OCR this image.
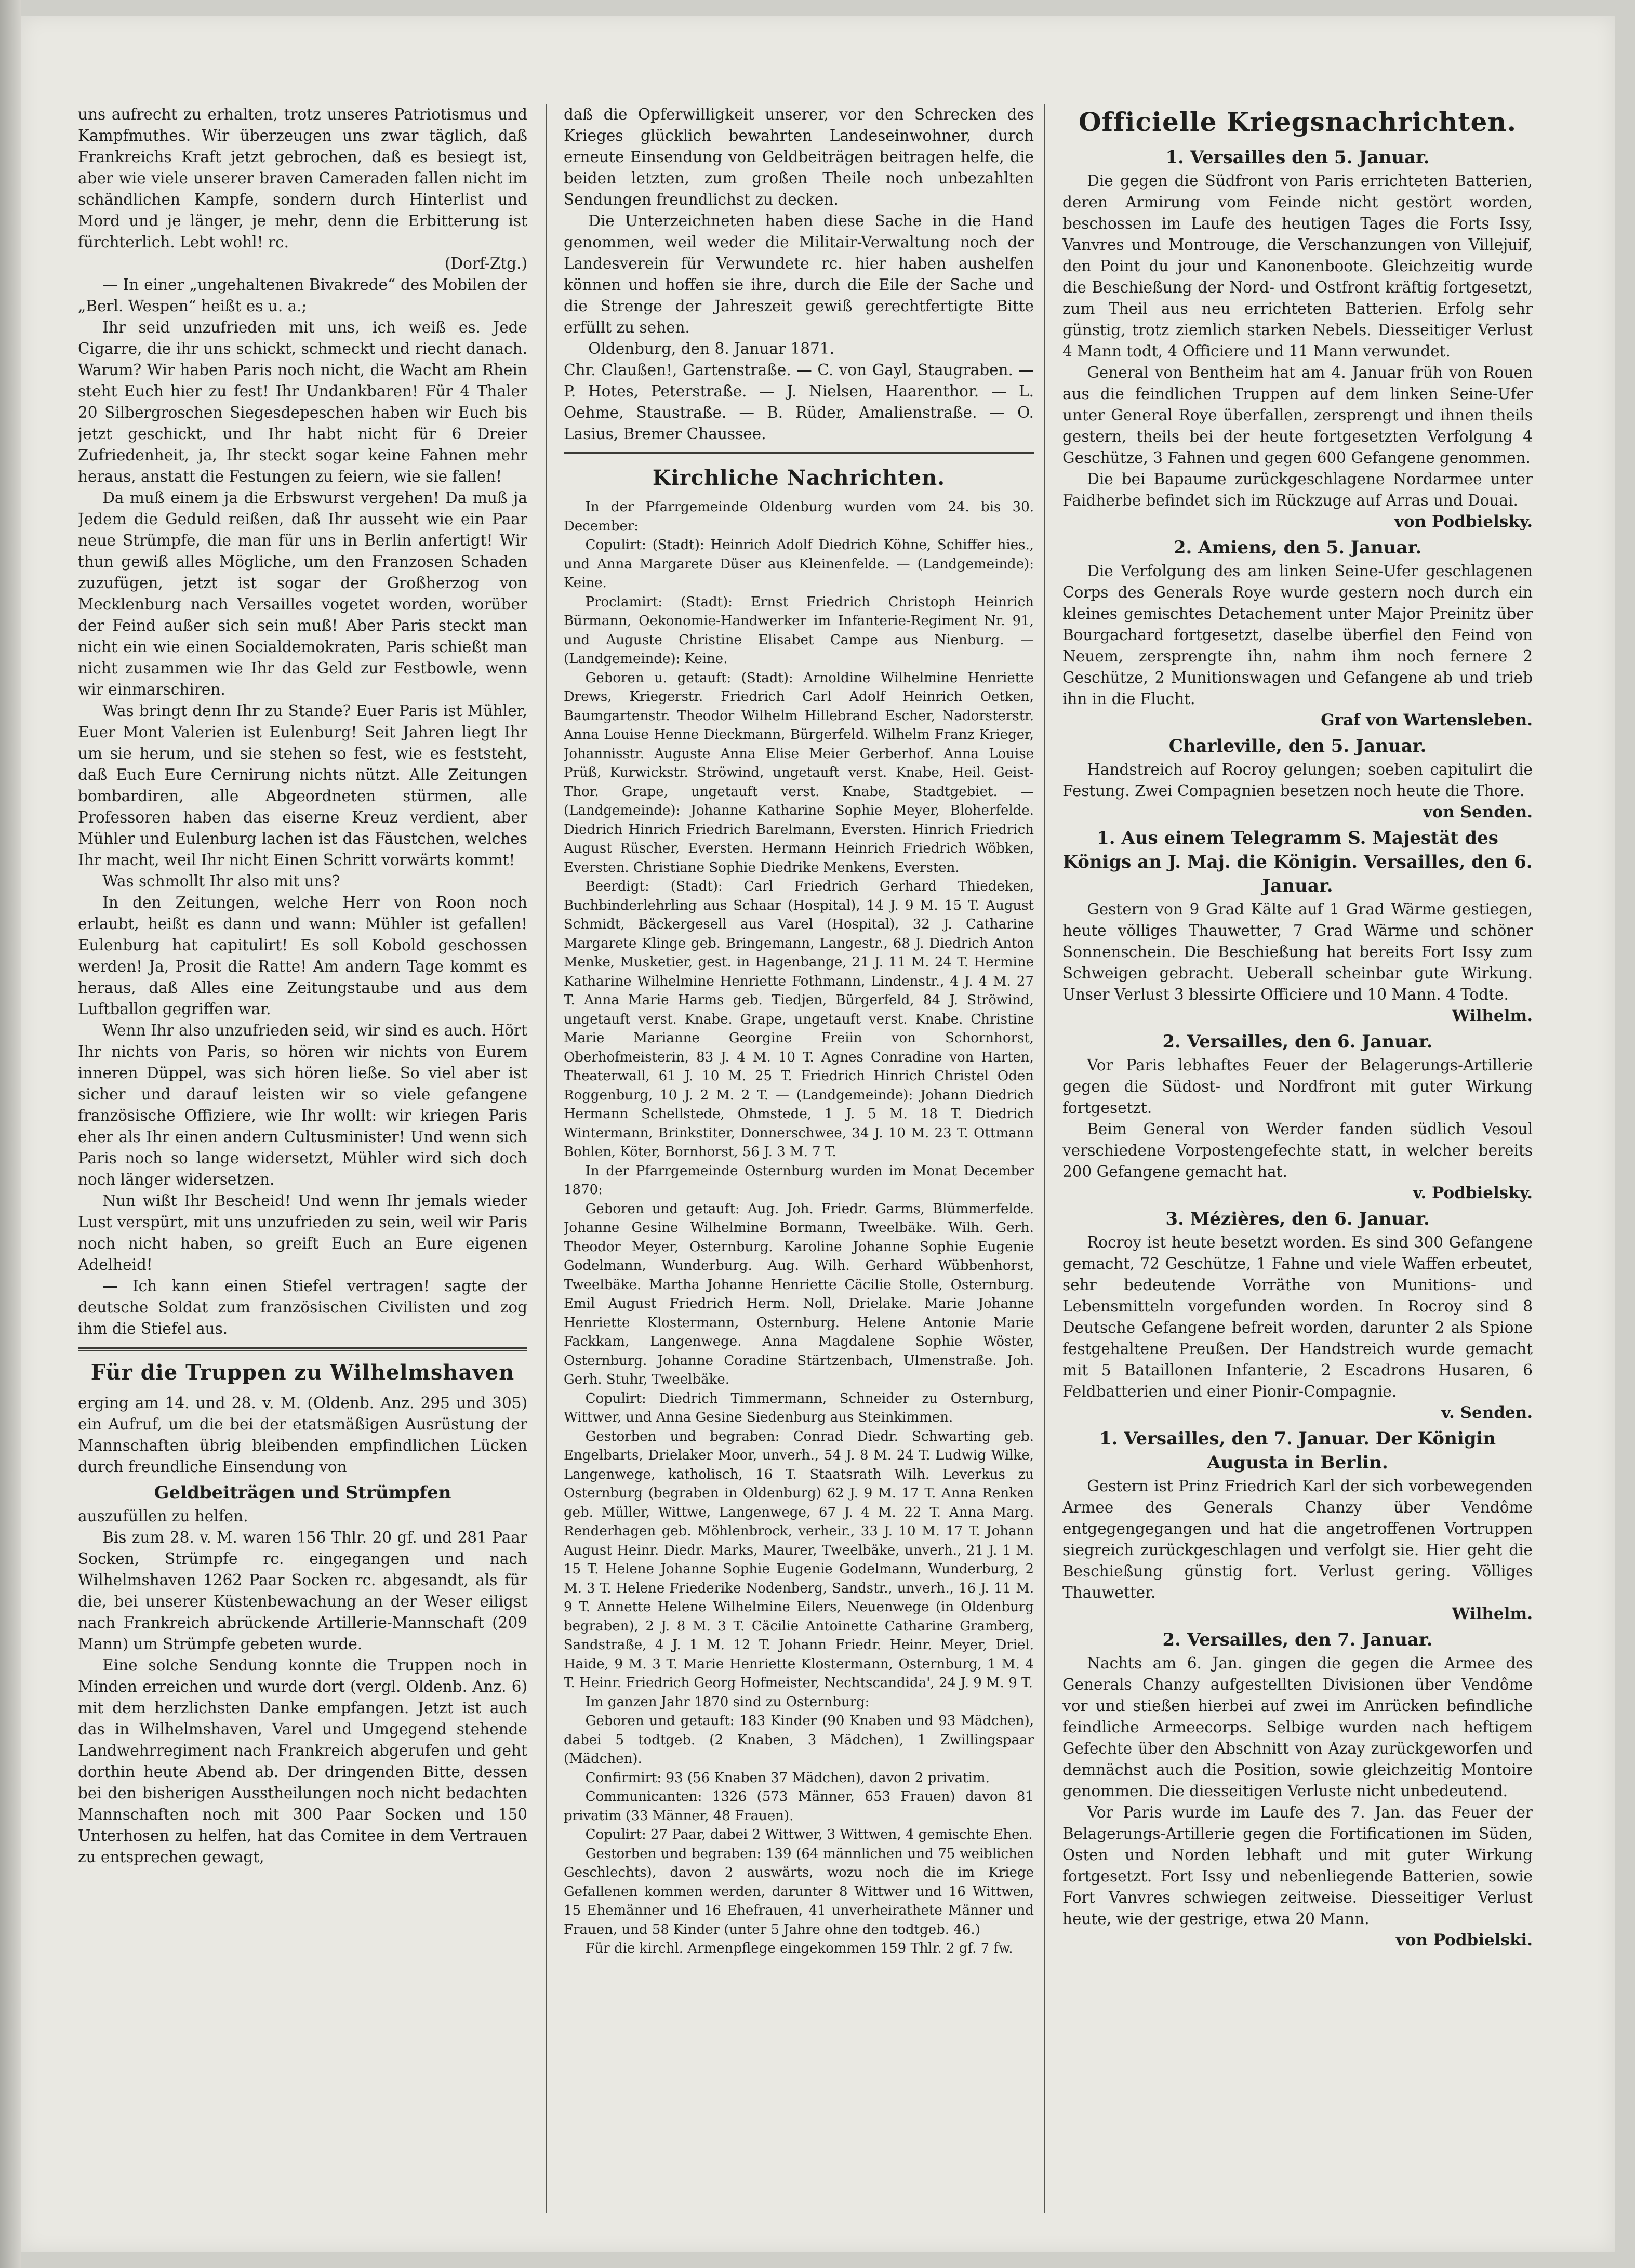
uns aufrecht zu erhalten, trotz unseres Patriotismus und Kampfmuthes. Wir überzeugen uns zwar täglich, daß Frankreichs Kraft jetzt gebrochen, daß es besiegt ist, aber wie viele unserer braven Cameraden fallen nicht im schändlichen Kampfe, sondern durch Hinterlist und Mord und je länger, je mehr, denn die Erbitterung ist fürchterlich. Lebt wohl! rc.

(Dorf-Ztg.)

— In einer „ungehaltenen Bivakrede“ des Mobilen der „Berl. Wespen“ heißt es u. a.;

Ihr seid unzufrieden mit uns, ich weiß es. Jede Cigarre, die ihr uns schickt, schmeckt und riecht danach. Warum? Wir haben Paris noch nicht, die Wacht am Rhein steht Euch hier zu fest! Ihr Undankbaren! Für 4 Thaler 20 Silbergroschen Siegesdepeschen haben wir Euch bis jetzt geschickt, und Ihr habt nicht für 6 Dreier Zufriedenheit, ja, Ihr steckt sogar keine Fahnen mehr heraus, anstatt die Festungen zu feiern, wie sie fallen!

Da muß einem ja die Erbswurst vergehen! Da muß ja Jedem die Geduld reißen, daß Ihr ausseht wie ein Paar neue Strümpfe, die man für uns in Berlin anfertigt! Wir thun gewiß alles Mögliche, um den Franzosen Schaden zuzufügen, jetzt ist sogar der Großherzog von Mecklenburg nach Versailles vogetet worden, worüber der Feind außer sich sein muß! Aber Paris steckt man nicht ein wie einen Socialdemokraten, Paris schießt man nicht zusammen wie Ihr das Geld zur Festbowle, wenn wir einmarschiren.

Was bringt denn Ihr zu Stande? Euer Paris ist Mühler, Euer Mont Valerien ist Eulenburg! Seit Jahren liegt Ihr um sie herum, und sie stehen so fest, wie es feststeht, daß Euch Eure Cernirung nichts nützt. Alle Zeitungen bombardiren, alle Abgeordneten stürmen, alle Professoren haben das eiserne Kreuz verdient, aber Mühler und Eulenburg lachen ist das Fäustchen, welches Ihr macht, weil Ihr nicht Einen Schritt vorwärts kommt!

Was schmollt Ihr also mit uns?

In den Zeitungen, welche Herr von Roon noch erlaubt, heißt es dann und wann: Mühler ist gefallen! Eulenburg hat capitulirt! Es soll Kobold geschossen werden! Ja, Prosit die Ratte! Am andern Tage kommt es heraus, daß Alles eine Zeitungstaube und aus dem Luftballon gegriffen war.

Wenn Ihr also unzufrieden seid, wir sind es auch. Hört Ihr nichts von Paris, so hören wir nichts von Eurem inneren Düppel, was sich hören ließe. So viel aber ist sicher und darauf leisten wir so viele gefangene französische Offiziere, wie Ihr wollt: wir kriegen Paris eher als Ihr einen andern Cultusminister! Und wenn sich Paris noch so lange widersetzt, Mühler wird sich doch noch länger widersetzen.

Nun wißt Ihr Bescheid! Und wenn Ihr jemals wieder Lust verspürt, mit uns unzufrieden zu sein, weil wir Paris noch nicht haben, so greift Euch an Eure eigenen Adelheid!

— Ich kann einen Stiefel vertragen! sagte der deutsche Soldat zum französischen Civilisten und zog ihm die Stiefel aus.

Für die Truppen zu Wilhelmshaven

erging am 14. und 28. v. M. (Oldenb. Anz. 295 und 305) ein Aufruf, um die bei der etatsmäßigen Ausrüstung der Mannschaften übrig bleibenden empfindlichen Lücken durch freundliche Einsendung von

Geldbeiträgen und Strümpfen

auszufüllen zu helfen.

Bis zum 28. v. M. waren 156 Thlr. 20 gf. und 281 Paar Socken, Strümpfe rc. eingegangen und nach Wilhelmshaven 1262 Paar Socken rc. abgesandt, als für die, bei unserer Küstenbewachung an der Weser eiligst nach Frankreich abrückende Artillerie-Mannschaft (209 Mann) um Strümpfe gebeten wurde.

Eine solche Sendung konnte die Truppen noch in Minden erreichen und wurde dort (vergl. Oldenb. Anz. 6) mit dem herzlichsten Danke empfangen. Jetzt ist auch das in Wilhelmshaven, Varel und Umgegend stehende Landwehrregiment nach Frankreich abgerufen und geht dorthin heute Abend ab. Der dringenden Bitte, dessen bei den bisherigen Ausstheilungen noch nicht bedachten Mannschaften noch mit 300 Paar Socken und 150 Unterhosen zu helfen, hat das Comitee in dem Vertrauen zu entsprechen gewagt,

daß die Opferwilligkeit unserer, vor den Schrecken des Krieges glücklich bewahrten Landeseinwohner, durch erneute Einsendung von Geldbeiträgen beitragen helfe, die beiden letzten, zum großen Theile noch unbezahlten Sendungen freundlichst zu decken.

Die Unterzeichneten haben diese Sache in die Hand genommen, weil weder die Militair-Verwaltung noch der Landesverein für Verwundete rc. hier haben aushelfen können und hoffen sie ihre, durch die Eile der Sache und die Strenge der Jahreszeit gewiß gerechtfertigte Bitte erfüllt zu sehen.

Oldenburg, den 8. Januar 1871.

Chr. Claußen!, Gartenstraße. — C. von Gayl, Staugraben. — P. Hotes, Peterstraße. — J. Nielsen, Haarenthor. — L. Oehme, Staustraße. — B. Rüder, Amalienstraße. — O. Lasius, Bremer Chaussee.

Kirchliche Nachrichten.

In der Pfarrgemeinde Oldenburg wurden vom 24. bis 30. December:

Copulirt: (Stadt): Heinrich Adolf Diedrich Köhne, Schiffer hies., und Anna Margarete Düser aus Kleinenfelde. — (Landgemeinde): Keine.

Proclamirt: (Stadt): Ernst Friedrich Christoph Heinrich Bürmann, Oekonomie-Handwerker im Infanterie-Regiment Nr. 91, und Auguste Christine Elisabet Campe aus Nienburg. — (Landgemeinde): Keine.

Geboren u. getauft: (Stadt): Arnoldine Wilhelmine Henriette Drews, Kriegerstr. Friedrich Carl Adolf Heinrich Oetken, Baumgartenstr. Theodor Wilhelm Hillebrand Escher, Nadorsterstr. Anna Louise Henne Dieckmann, Bürgerfeld. Wilhelm Franz Krieger, Johannisstr. Auguste Anna Elise Meier Gerberhof. Anna Louise Prüß, Kurwickstr. Ströwind, ungetauft verst. Knabe, Heil. Geist-Thor. Grape, ungetauft verst. Knabe, Stadtgebiet. — (Landgemeinde): Johanne Katharine Sophie Meyer, Bloherfelde. Diedrich Hinrich Friedrich Barelmann, Eversten. Hinrich Friedrich August Rüscher, Eversten. Hermann Heinrich Friedrich Wöbken, Eversten. Christiane Sophie Diedrike Menkens, Eversten.

Beerdigt: (Stadt): Carl Friedrich Gerhard Thiedeken, Buchbinderlehrling aus Schaar (Hospital), 14 J. 9 M. 15 T. August Schmidt, Bäckergesell aus Varel (Hospital), 32 J. Catharine Margarete Klinge geb. Bringemann, Langestr., 68 J. Diedrich Anton Menke, Musketier, gest. in Hagenbange, 21 J. 11 M. 24 T. Hermine Katharine Wilhelmine Henriette Fothmann, Lindenstr., 4 J. 4 M. 27 T. Anna Marie Harms geb. Tiedjen, Bürgerfeld, 84 J. Ströwind, ungetauft verst. Knabe. Grape, ungetauft verst. Knabe. Christine Marie Marianne Georgine Freiin von Schornhorst, Oberhofmeisterin, 83 J. 4 M. 10 T. Agnes Conradine von Harten, Theaterwall, 61 J. 10 M. 25 T. Friedrich Hinrich Christel Oden Roggenburg, 10 J. 2 M. 2 T. — (Landgemeinde): Johann Diedrich Hermann Schellstede, Ohmstede, 1 J. 5 M. 18 T. Diedrich Wintermann, Brinkstiter, Donnerschwee, 34 J. 10 M. 23 T. Ottmann Bohlen, Köter, Bornhorst, 56 J. 3 M. 7 T.

In der Pfarrgemeinde Osternburg wurden im Monat December 1870:

Geboren und getauft: Aug. Joh. Friedr. Garms, Blümmerfelde. Johanne Gesine Wilhelmine Bormann, Tweelbäke. Wilh. Gerh. Theodor Meyer, Osternburg. Karoline Johanne Sophie Eugenie Godelmann, Wunderburg. Aug. Wilh. Gerhard Wübbenhorst, Tweelbäke. Martha Johanne Henriette Cäcilie Stolle, Osternburg. Emil August Friedrich Herm. Noll, Drielake. Marie Johanne Henriette Klostermann, Osternburg. Helene Antonie Marie Fackkam, Langenwege. Anna Magdalene Sophie Wöster, Osternburg. Johanne Coradine Stärtzenbach, Ulmenstraße. Joh. Gerh. Stuhr, Tweelbäke.

Copulirt: Diedrich Timmermann, Schneider zu Osternburg, Wittwer, und Anna Gesine Siedenburg aus Steinkimmen.

Gestorben und begraben: Conrad Diedr. Schwarting geb. Engelbarts, Drielaker Moor, unverh., 54 J. 8 M. 24 T. Ludwig Wilke, Langenwege, katholisch, 16 T. Staatsrath Wilh. Leverkus zu Osternburg (begraben in Oldenburg) 62 J. 9 M. 17 T. Anna Renken geb. Müller, Wittwe, Langenwege, 67 J. 4 M. 22 T. Anna Marg. Renderhagen geb. Möhlenbrock, verheir., 33 J. 10 M. 17 T. Johann August Heinr. Diedr. Marks, Maurer, Tweelbäke, unverh., 21 J. 1 M. 15 T. Helene Johanne Sophie Eugenie Godelmann, Wunderburg, 2 M. 3 T. Helene Friederike Nodenberg, Sandstr., unverh., 16 J. 11 M. 9 T. Annette Helene Wilhelmine Eilers, Neuenwege (in Oldenburg begraben), 2 J. 8 M. 3 T. Cäcilie Antoinette Catharine Gramberg, Sandstraße, 4 J. 1 M. 12 T. Johann Friedr. Heinr. Meyer, Driel. Haide, 9 M. 3 T. Marie Henriette Klostermann, Osternburg, 1 M. 4 T. Heinr. Friedrich Georg Hofmeister, Nechtscandida', 24 J. 9 M. 9 T.

Im ganzen Jahr 1870 sind zu Osternburg:

Geboren und getauft: 183 Kinder (90 Knaben und 93 Mädchen), dabei 5 todtgeb. (2 Knaben, 3 Mädchen), 1 Zwillingspaar (Mädchen).

Confirmirt: 93 (56 Knaben 37 Mädchen), davon 2 privatim.

Communicanten: 1326 (573 Männer, 653 Frauen) davon 81 privatim (33 Männer, 48 Frauen).

Copulirt: 27 Paar, dabei 2 Wittwer, 3 Wittwen, 4 gemischte Ehen.

Gestorben und begraben: 139 (64 männlichen und 75 weiblichen Geschlechts), davon 2 auswärts, wozu noch die im Kriege Gefallenen kommen werden, darunter 8 Wittwer und 16 Wittwen, 15 Ehemänner und 16 Ehefrauen, 41 unverheirathete Männer und Frauen, und 58 Kinder (unter 5 Jahre ohne den todtgeb. 46.)

Für die kirchl. Armenpflege eingekommen 159 Thlr. 2 gf. 7 fw.

Officielle Kriegsnachrichten.
1. Versailles den 5. Januar.

Die gegen die Südfront von Paris errichteten Batterien, deren Armirung vom Feinde nicht gestört worden, beschossen im Laufe des heutigen Tages die Forts Issy, Vanvres und Montrouge, die Verschanzungen von Villejuif, den Point du jour und Kanonenboote. Gleichzeitig wurde die Beschießung der Nord- und Ostfront kräftig fortgesetzt, zum Theil aus neu errichteten Batterien. Erfolg sehr günstig, trotz ziemlich starken Nebels. Diesseitiger Verlust 4 Mann todt, 4 Officiere und 11 Mann verwundet.

General von Bentheim hat am 4. Januar früh von Rouen aus die feindlichen Truppen auf dem linken Seine-Ufer unter General Roye überfallen, zersprengt und ihnen theils gestern, theils bei der heute fortgesetzten Verfolgung 4 Geschütze, 3 Fahnen und gegen 600 Gefangene genommen.

Die bei Bapaume zurückgeschlagene Nordarmee unter Faidherbe befindet sich im Rückzuge auf Arras und Douai.

von Podbielsky.
2. Amiens, den 5. Januar.

Die Verfolgung des am linken Seine-Ufer geschlagenen Corps des Generals Roye wurde gestern noch durch ein kleines gemischtes Detachement unter Major Preinitz über Bourgachard fortgesetzt, daselbe überfiel den Feind von Neuem, zersprengte ihn, nahm ihm noch fernere 2 Geschütze, 2 Munitionswagen und Gefangene ab und trieb ihn in die Flucht.

Graf von Wartensleben.
Charleville, den 5. Januar.

Handstreich auf Rocroy gelungen; soeben capitulirt die Festung. Zwei Compagnien besetzen noch heute die Thore.

von Senden.
1. Aus einem Telegramm S. Majestät des Königs an J. Maj. die Königin. Versailles, den 6. Januar.

Gestern von 9 Grad Kälte auf 1 Grad Wärme gestiegen, heute völliges Thauwetter, 7 Grad Wärme und schöner Sonnenschein. Die Beschießung hat bereits Fort Issy zum Schweigen gebracht. Ueberall scheinbar gute Wirkung. Unser Verlust 3 blessirte Officiere und 10 Mann. 4 Todte.

Wilhelm.
2. Versailles, den 6. Januar.

Vor Paris lebhaftes Feuer der Belagerungs-Artillerie gegen die Südost- und Nordfront mit guter Wirkung fortgesetzt.

Beim General von Werder fanden südlich Vesoul verschiedene Vorpostengefechte statt, in welcher bereits 200 Gefangene gemacht hat.

v. Podbielsky.
3. Mézières, den 6. Januar.

Rocroy ist heute besetzt worden. Es sind 300 Gefangene gemacht, 72 Geschütze, 1 Fahne und viele Waffen erbeutet, sehr bedeutende Vorräthe von Munitions- und Lebensmitteln vorgefunden worden. In Rocroy sind 8 Deutsche Gefangene befreit worden, darunter 2 als Spione festgehaltene Preußen. Der Handstreich wurde gemacht mit 5 Bataillonen Infanterie, 2 Escadrons Husaren, 6 Feldbatterien und einer Pionir-Compagnie.

v. Senden.
1. Versailles, den 7. Januar. Der Königin Augusta in Berlin.

Gestern ist Prinz Friedrich Karl der sich vorbewegenden Armee des Generals Chanzy über Vendôme entgegengegangen und hat die angetroffenen Vortruppen siegreich zurückgeschlagen und verfolgt sie. Hier geht die Beschießung günstig fort. Verlust gering. Völliges Thauwetter.

Wilhelm.
2. Versailles, den 7. Januar.

Nachts am 6. Jan. gingen die gegen die Armee des Generals Chanzy aufgestellten Divisionen über Vendôme vor und stießen hierbei auf zwei im Anrücken befindliche feindliche Armeecorps. Selbige wurden nach heftigem Gefechte über den Abschnitt von Azay zurückgeworfen und demnächst auch die Position, sowie gleichzeitig Montoire genommen. Die diesseitigen Verluste nicht unbedeutend.

Vor Paris wurde im Laufe des 7. Jan. das Feuer der Belagerungs-Artillerie gegen die Fortificationen im Süden, Osten und Norden lebhaft und mit guter Wirkung fortgesetzt. Fort Issy und nebenliegende Batterien, sowie Fort Vanvres schwiegen zeitweise. Diesseitiger Verlust heute, wie der gestrige, etwa 20 Mann.

von Podbielski.
